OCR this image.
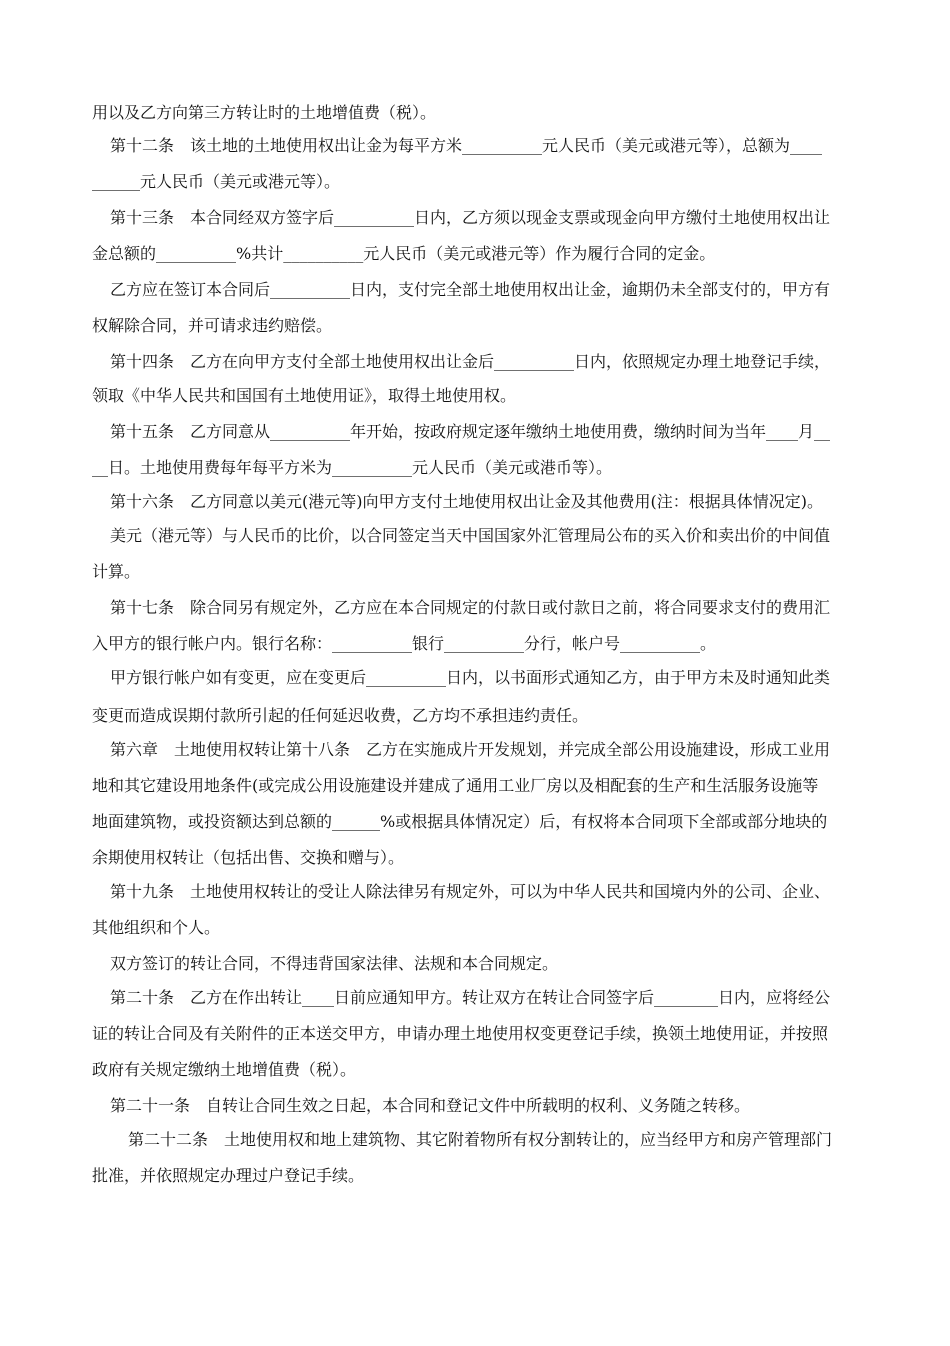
用以及乙方向第三方转让时的土地增值费（税）。
第十二条　该土地的土地使用权出让金为每平方米__________元人民币（美元或港元等），总额为____
______元人民币（美元或港元等）。
第十三条　本合同经双方签字后__________日内，乙方须以现金支票或现金向甲方缴付土地使用权出让
金总额的__________%共计__________元人民币（美元或港元等）作为履行合同的定金。
乙方应在签订本合同后__________日内，支付完全部土地使用权出让金，逾期仍未全部支付的，甲方有
权解除合同，并可请求违约赔偿。
第十四条　乙方在向甲方支付全部土地使用权出让金后__________日内，依照规定办理土地登记手续，
领取《中华人民共和国国有土地使用证》，取得土地使用权。
第十五条　乙方同意从__________年开始，按政府规定逐年缴纳土地使用费，缴纳时间为当年____月__
__日。土地使用费每年每平方米为__________元人民币（美元或港币等）。
第十六条　乙方同意以美元(港元等)向甲方支付土地使用权出让金及其他费用(注：根据具体情况定)。
美元（港元等）与人民币的比价，以合同签定当天中国国家外汇管理局公布的买入价和卖出价的中间值
计算。
第十七条　除合同另有规定外，乙方应在本合同规定的付款日或付款日之前，将合同要求支付的费用汇
入甲方的银行帐户内。银行名称：__________银行__________分行，帐户号__________。
甲方银行帐户如有变更，应在变更后__________日内，以书面形式通知乙方，由于甲方未及时通知此类
变更而造成误期付款所引起的任何延迟收费，乙方均不承担违约责任。
第六章　土地使用权转让第十八条　乙方在实施成片开发规划，并完成全部公用设施建设，形成工业用
地和其它建设用地条件(或完成公用设施建设并建成了通用工业厂房以及相配套的生产和生活服务设施等
地面建筑物，或投资额达到总额的______%或根据具体情况定）后，有权将本合同项下全部或部分地块的
余期使用权转让（包括出售、交换和赠与）。
第十九条　土地使用权转让的受让人除法律另有规定外，可以为中华人民共和国境内外的公司、企业、
其他组织和个人。
双方签订的转让合同，不得违背国家法律、法规和本合同规定。
第二十条　乙方在作出转让____日前应通知甲方。转让双方在转让合同签字后________日内，应将经公
证的转让合同及有关附件的正本送交甲方，申请办理土地使用权变更登记手续，换领土地使用证，并按照
政府有关规定缴纳土地增值费（税）。
第二十一条　自转让合同生效之日起，本合同和登记文件中所载明的权利、义务随之转移。
第二十二条　土地使用权和地上建筑物、其它附着物所有权分割转让的，应当经甲方和房产管理部门
批准，并依照规定办理过户登记手续。
